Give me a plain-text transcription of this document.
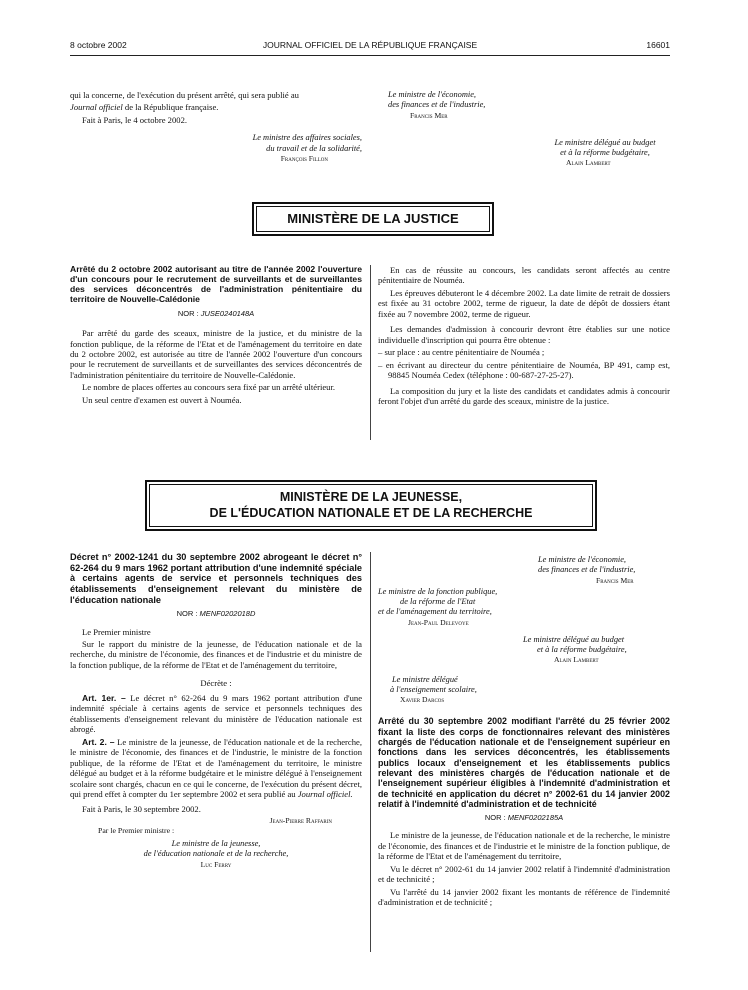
8 octobre 2002	JOURNAL OFFICIEL DE LA RÉPUBLIQUE FRANÇAISE	16601

qui la concerne, de l'exécution du présent arrêté, qui sera publié au

Journal officiel de la République française.

Fait à Paris, le 4 octobre 2002.

Le ministre des affaires sociales,
du travail et de la solidarité,
François Fillon
Le ministre de l'économie,
des finances et de l'industrie,
Francis Mer
Le ministre délégué au budget
et à la réforme budgétaire,
Alain Lambert
MINISTÈRE DE LA JUSTICE

Arrêté du 2 octobre 2002 autorisant au titre de l'année 2002 l'ouverture d'un concours pour le recrutement de surveillants et de surveillantes des services déconcentrés de l'administration pénitentiaire du territoire de Nouvelle-Calédonie

NOR : JUSE0240148A

Par arrêté du garde des sceaux, ministre de la justice, et du ministre de la fonction publique, de la réforme de l'Etat et de l'aménagement du territoire en date du 2 octobre 2002, est autorisée au titre de l'année 2002 l'ouverture d'un concours pour le recrutement de surveillants et de surveillantes des services déconcentrés de l'administration pénitentiaire du territoire de Nouvelle-Calédonie.

Le nombre de places offertes au concours sera fixé par un arrêté ultérieur.

Un seul centre d'examen est ouvert à Nouméa.

En cas de réussite au concours, les candidats seront affectés au centre pénitentiaire de Nouméa.

Les épreuves débuteront le 4 décembre 2002. La date limite de retrait de dossiers est fixée au 31 octobre 2002, terme de rigueur, la date de dépôt de dossiers étant fixée au 7 novembre 2002, terme de rigueur.

Les demandes d'admission à concourir devront être établies sur une notice individuelle d'inscription qui pourra être obtenue :

– sur place : au centre pénitentiaire de Nouméa ;

– en écrivant au directeur du centre pénitentiaire de Nouméa, BP 491, camp est, 98845 Nouméa Cedex (téléphone : 00-687-27-25-27).

La composition du jury et la liste des candidats et candidates admis à concourir feront l'objet d'un arrêté du garde des sceaux, ministre de la justice.

MINISTÈRE DE LA JEUNESSE,
DE L'ÉDUCATION NATIONALE ET DE LA RECHERCHE

Décret n° 2002-1241 du 30 septembre 2002 abrogeant le décret n° 62-264 du 9 mars 1962 portant attribution d'une indemnité spéciale à certains agents de service et personnels techniques des établissements d'enseignement relevant du ministère de l'éducation nationale

NOR : MENF0202018D

Le Premier ministre

Sur le rapport du ministre de la jeunesse, de l'éducation nationale et de la recherche, du ministre de l'économie, des finances et de l'industrie et du ministre de la fonction publique, de la réforme de l'Etat et de l'aménagement du territoire,

Décrète :

Art. 1er. – Le décret n° 62-264 du 9 mars 1962 portant attribution d'une indemnité spéciale à certains agents de service et personnels techniques des établissements d'enseignement relevant du ministère de l'éducation nationale est abrogé.

Art. 2. – Le ministre de la jeunesse, de l'éducation nationale et de la recherche, le ministre de l'économie, des finances et de l'industrie, le ministre de la fonction publique, de la réforme de l'Etat et de l'aménagement du territoire, le ministre délégué au budget et à la réforme budgétaire et le ministre délégué à l'enseignement scolaire sont chargés, chacun en ce qui le concerne, de l'exécution du présent décret, qui prend effet à compter du 1er septembre 2002 et sera publié au Journal officiel.

Fait à Paris, le 30 septembre 2002.

Jean-Pierre Raffarin
Par le Premier ministre :
Le ministre de la jeunesse,
de l'éducation nationale et de la recherche,
Luc Ferry
Le ministre de l'économie,
des finances et de l'industrie,
Francis Mer
Le ministre de la fonction publique,
de la réforme de l'Etat
et de l'aménagement du territoire,
Jean-Paul Delevoye
Le ministre délégué au budget
et à la réforme budgétaire,
Alain Lambert
Le ministre délégué
à l'enseignement scolaire,
Xavier Darcos

Arrêté du 30 septembre 2002 modifiant l'arrêté du 25 février 2002 fixant la liste des corps de fonctionnaires relevant des ministères chargés de l'éducation nationale et de l'enseignement supérieur en fonctions dans les services déconcentrés, les établissements publics locaux d'enseignement et les établissements publics relevant des ministères chargés de l'éducation nationale et de l'enseignement supérieur éligibles à l'indemnité d'administration et de technicité en application du décret n° 2002-61 du 14 janvier 2002 relatif à l'indemnité d'administration et de technicité

NOR : MENF0202185A

Le ministre de la jeunesse, de l'éducation nationale et de la recherche, le ministre de l'économie, des finances et de l'industrie et le ministre de la fonction publique, de la réforme de l'Etat et de l'aménagement du territoire,

Vu le décret n° 2002-61 du 14 janvier 2002 relatif à l'indemnité d'administration et de technicité ;

Vu l'arrêté du 14 janvier 2002 fixant les montants de référence de l'indemnité d'administration et de technicité ;
